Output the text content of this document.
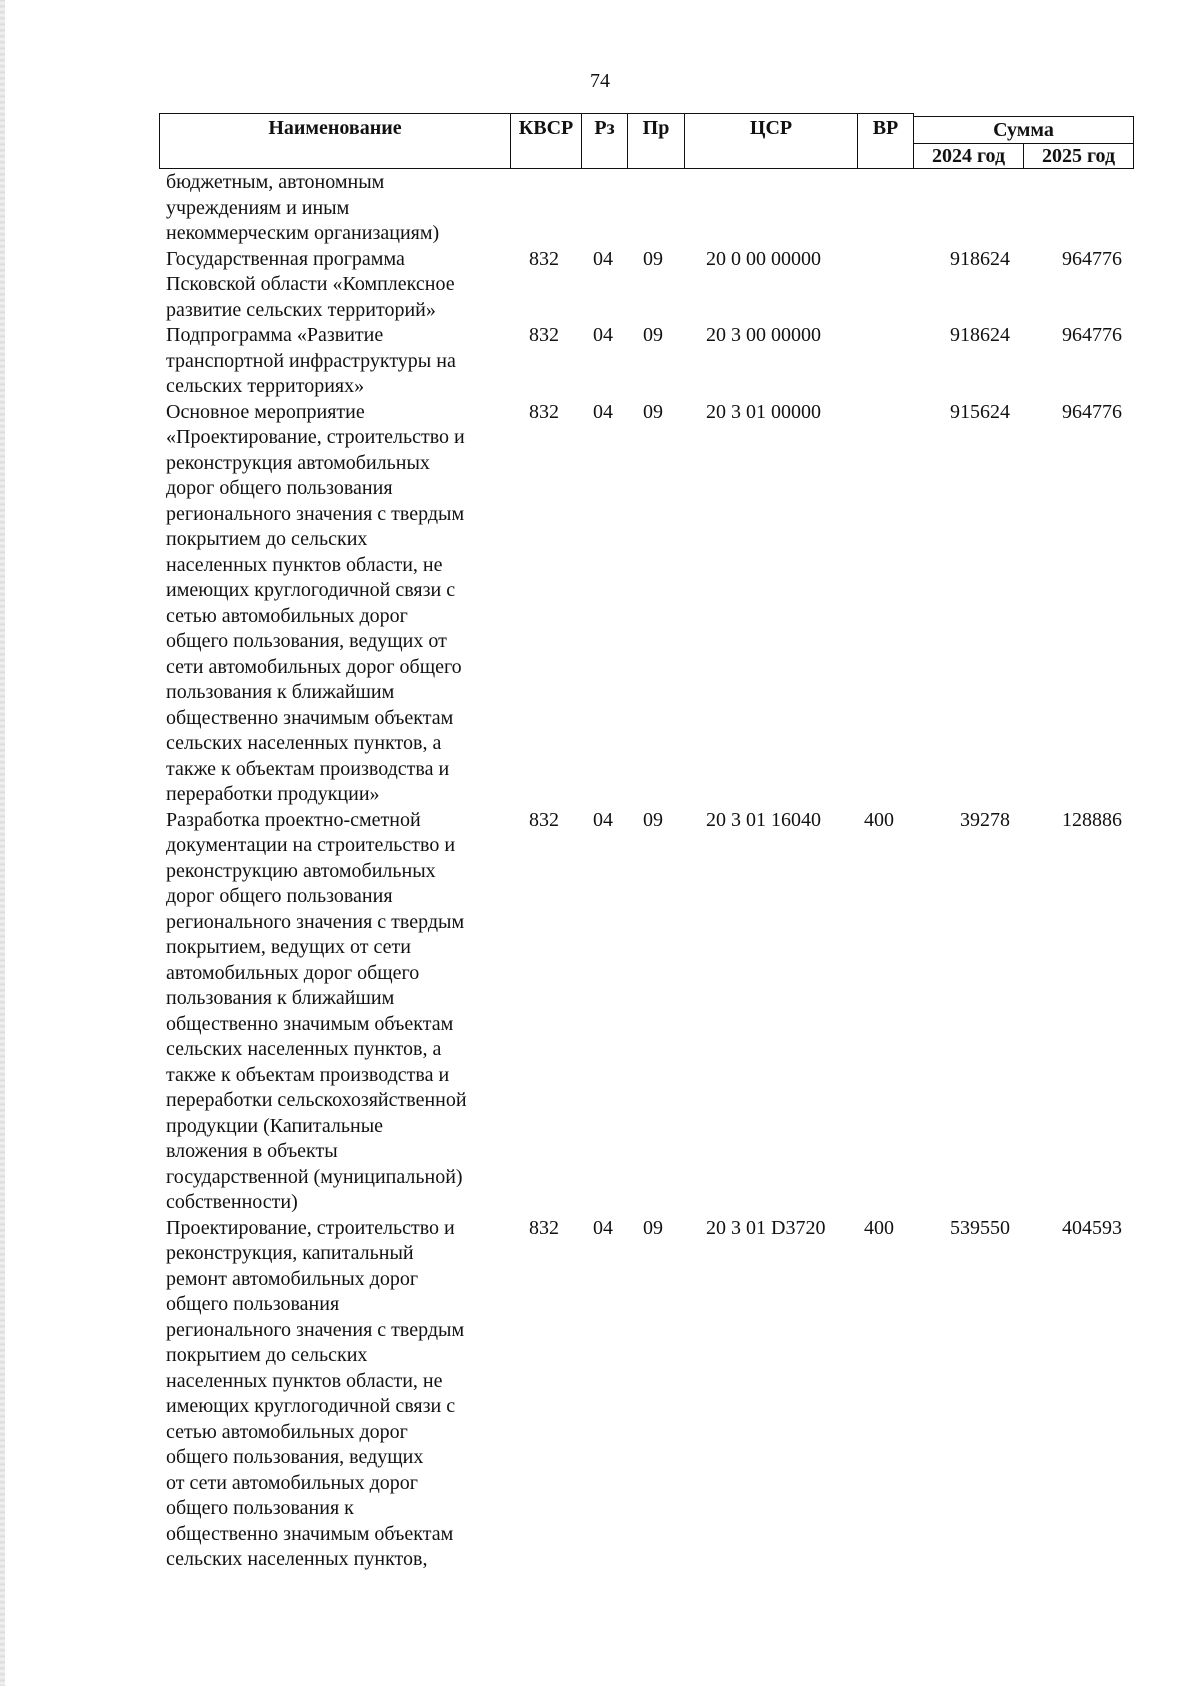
74
Наименование	КВСР	Рз	Пр	ЦСР	ВР	Сумма
2024 год	2025 год
бюджетным, автономным
учреждениям и иным
некоммерческим организациям)
Государственная программа
Псковской области «Комплексное
развитие сельских территорий»
832 04 09 20 0 00 00000	918624	964776
Подпрограмма «Развитие
транспортной инфраструктуры на
сельских территориях»
832 04 09 20 3 00 00000	918624	964776
Основное мероприятие
«Проектирование, строительство и
реконструкция автомобильных
дорог общего пользования
регионального значения с твердым
покрытием до сельских
населенных пунктов области, не
имеющих круглогодичной связи с
сетью автомобильных дорог
общего пользования, ведущих от
сети автомобильных дорог общего
пользования к ближайшим
общественно значимым объектам
сельских населенных пунктов, а
также к объектам производства и
переработки продукции»
832 04 09 20 3 01 00000	915624	964776
Разработка проектно-сметной
документации на строительство и
реконструкцию автомобильных
дорог общего пользования
регионального значения с твердым
покрытием, ведущих от сети
автомобильных дорог общего
пользования к ближайшим
общественно значимым объектам
сельских населенных пунктов, а
также к объектам производства и
переработки сельскохозяйственной
продукции (Капитальные
вложения в объекты
государственной (муниципальной)
собственности)
832 04 09 20 3 01 16040 400	39278	128886
Проектирование, строительство и
реконструкция, капитальный
ремонт автомобильных дорог
общего пользования
регионального значения с твердым
покрытием до сельских
населенных пунктов области, не
имеющих круглогодичной связи с
сетью автомобильных дорог
общего пользования, ведущих
от сети автомобильных дорог
общего пользования к
общественно значимым объектам
сельских населенных пунктов,
832 04 09 20 3 01 D3720 400	539550	404593
